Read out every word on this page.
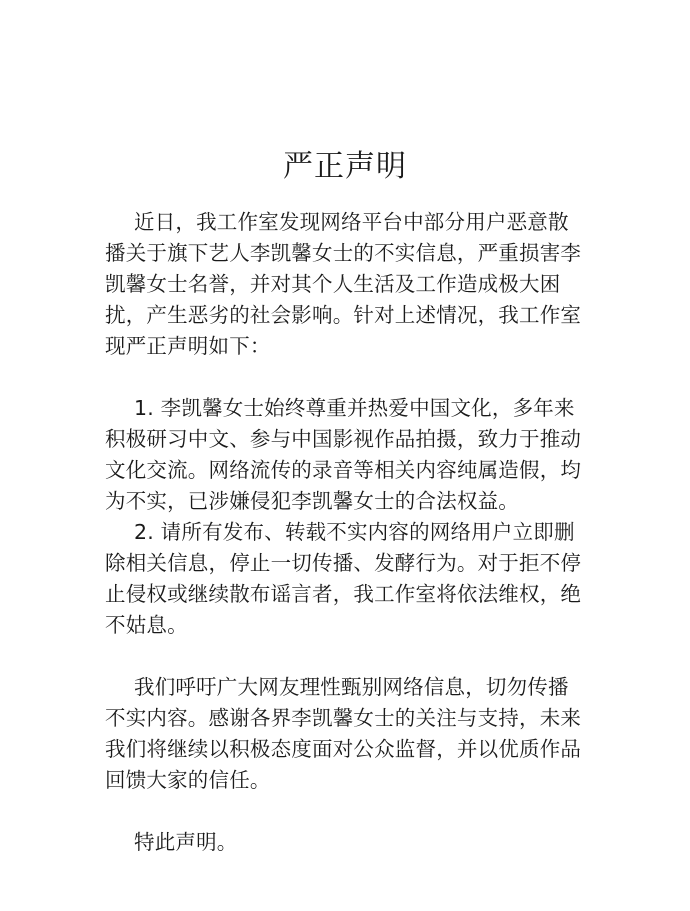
严正声明

近日，我工作室发现网络平台中部分用户恶意散

播关于旗下艺人李凯馨女士的不实信息，严重损害李

凯馨女士名誉，并对其个人生活及工作造成极大困

扰，产生恶劣的社会影响。针对上述情况，我工作室

现严正声明如下：

1. 李凯馨女士始终尊重并热爱中国文化，多年来

积极研习中文、参与中国影视作品拍摄，致力于推动

文化交流。网络流传的录音等相关内容纯属造假，均

为不实，已涉嫌侵犯李凯馨女士的合法权益。

2. 请所有发布、转载不实内容的网络用户立即删

除相关信息，停止一切传播、发酵行为。对于拒不停

止侵权或继续散布谣言者，我工作室将依法维权，绝

不姑息。

我们呼吁广大网友理性甄别网络信息，切勿传播

不实内容。感谢各界李凯馨女士的关注与支持，未来

我们将继续以积极态度面对公众监督，并以优质作品

回馈大家的信任。

特此声明。
